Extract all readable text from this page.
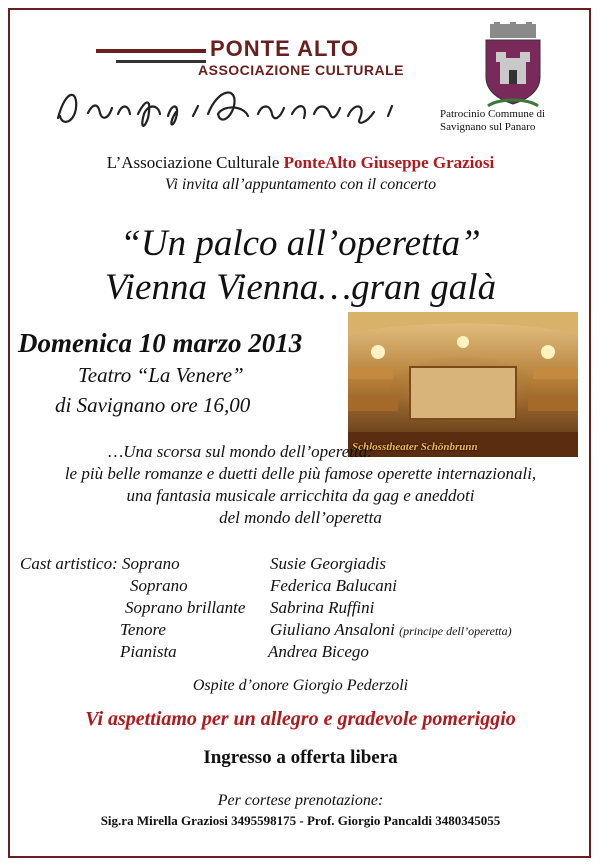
PONTE ALTO
ASSOCIAZIONE CULTURALE
Patrocinio Commune di Savignano sul Panaro
L’Associazione Culturale PonteAlto Giuseppe Graziosi
Vi invita all’appuntamento con il concerto
“Un palco all’operetta”
Vienna Vienna…gran galà
Domenica 10 marzo 2013
Teatro “La Venere”
di Savignano ore 16,00
Schlosstheater Schönbrunn
…Una scorsa sul mondo dell’operetta:
le più belle romanze e duetti delle più famose operette internazionali,
una fantasia musicale arricchita da gag e aneddoti
del mondo dell’operetta
Cast artistico: Soprano	Susie Georgiadis
Soprano	Federica Balucani
Soprano brillante Sabrina Ruffini
Tenore	Giuliano Ansaloni (principe dell’operetta)
Pianista	Andrea Bicego
Ospite d’onore Giorgio Pederzoli
Vi aspettiamo per un allegro e gradevole pomeriggio
Ingresso a offerta libera
Per cortese prenotazione:
Sig.ra Mirella Graziosi 3495598175 - Prof. Giorgio Pancaldi 3480345055
